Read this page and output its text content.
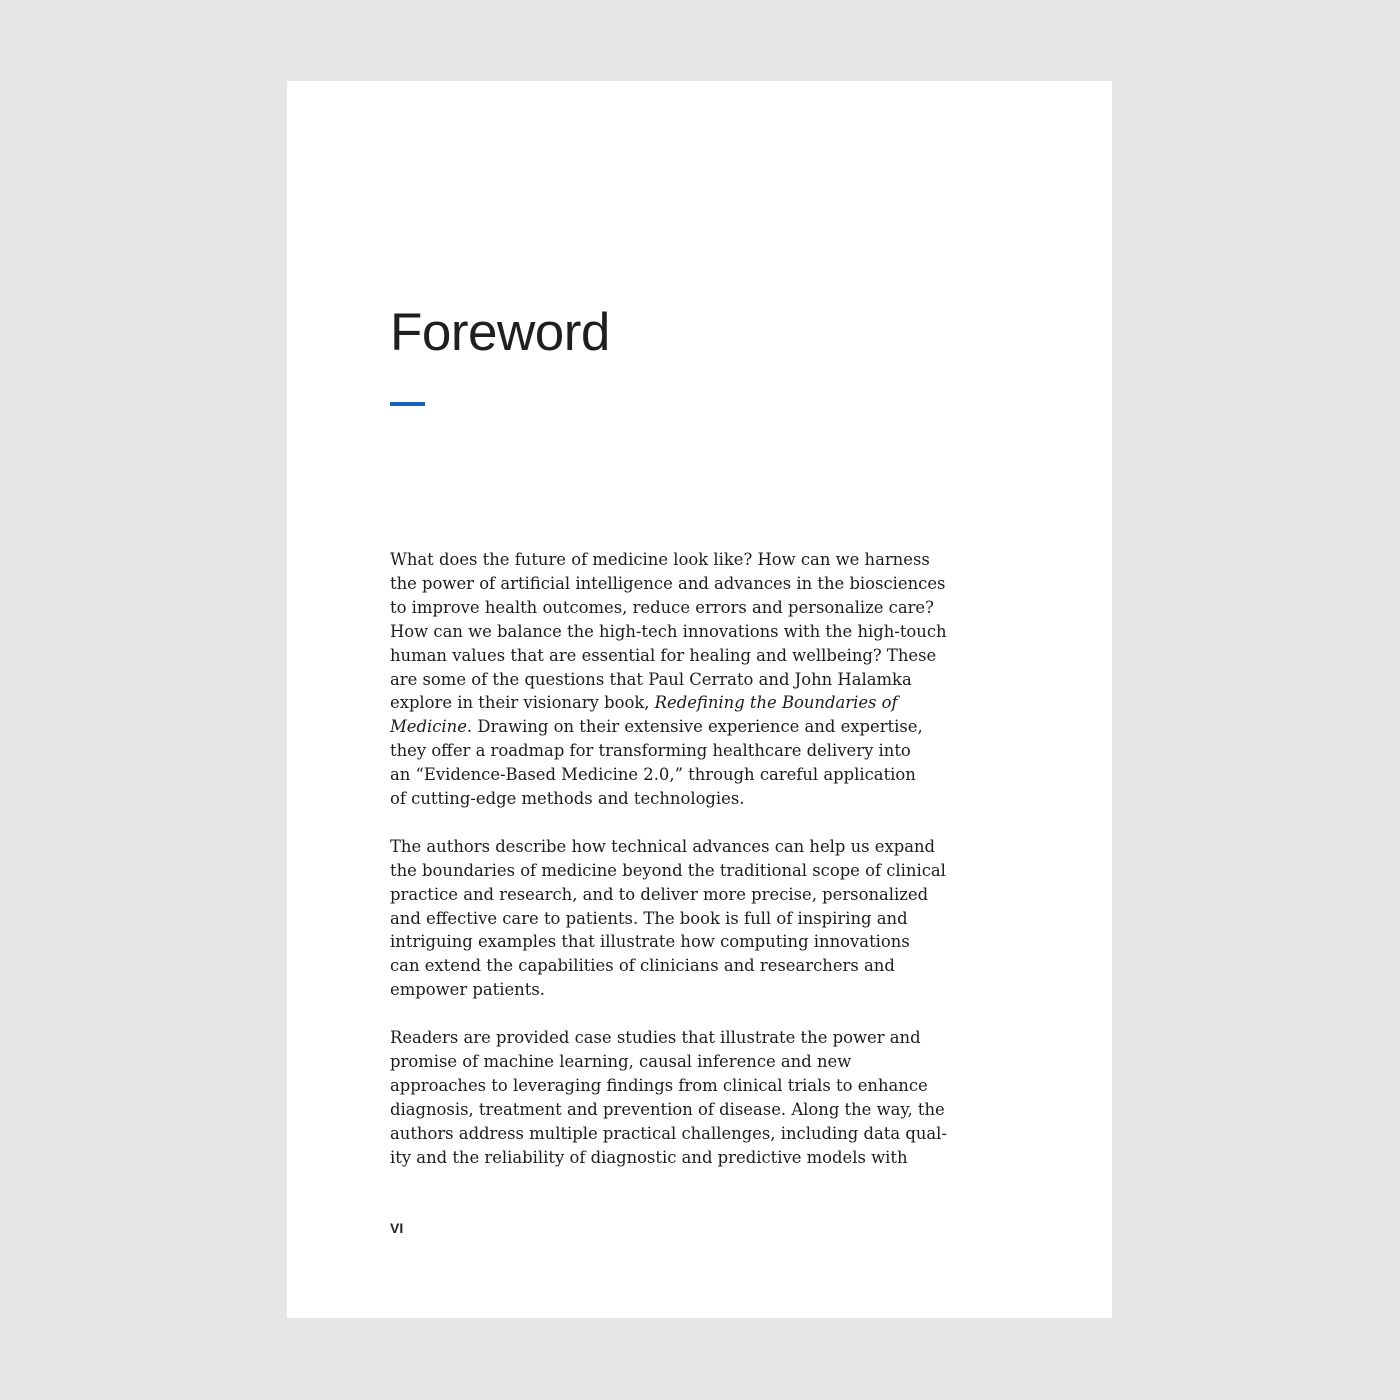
Foreword

What does the future of medicine look like? How can we harness
the power of artificial intelligence and advances in the biosciences
to improve health outcomes, reduce errors and personalize care?
How can we balance the high-tech innovations with the high-touch
human values that are essential for healing and wellbeing? These
are some of the questions that Paul Cerrato and John Halamka
explore in their visionary book, Redefining the Boundaries of
Medicine. Drawing on their extensive experience and expertise,
they offer a roadmap for transforming healthcare delivery into
an “Evidence-Based Medicine 2.0,” through careful application
of cutting-edge methods and technologies.

The authors describe how technical advances can help us expand
the boundaries of medicine beyond the traditional scope of clinical
practice and research, and to deliver more precise, personalized
and effective care to patients. The book is full of inspiring and
intriguing examples that illustrate how computing innovations
can extend the capabilities of clinicians and researchers and
empower patients.

Readers are provided case studies that illustrate the power and
promise of machine learning, causal inference and new
approaches to leveraging findings from clinical trials to enhance
diagnosis, treatment and prevention of disease. Along the way, the
authors address multiple practical challenges, including data qual-
ity and the reliability of diagnostic and predictive models with

VI
